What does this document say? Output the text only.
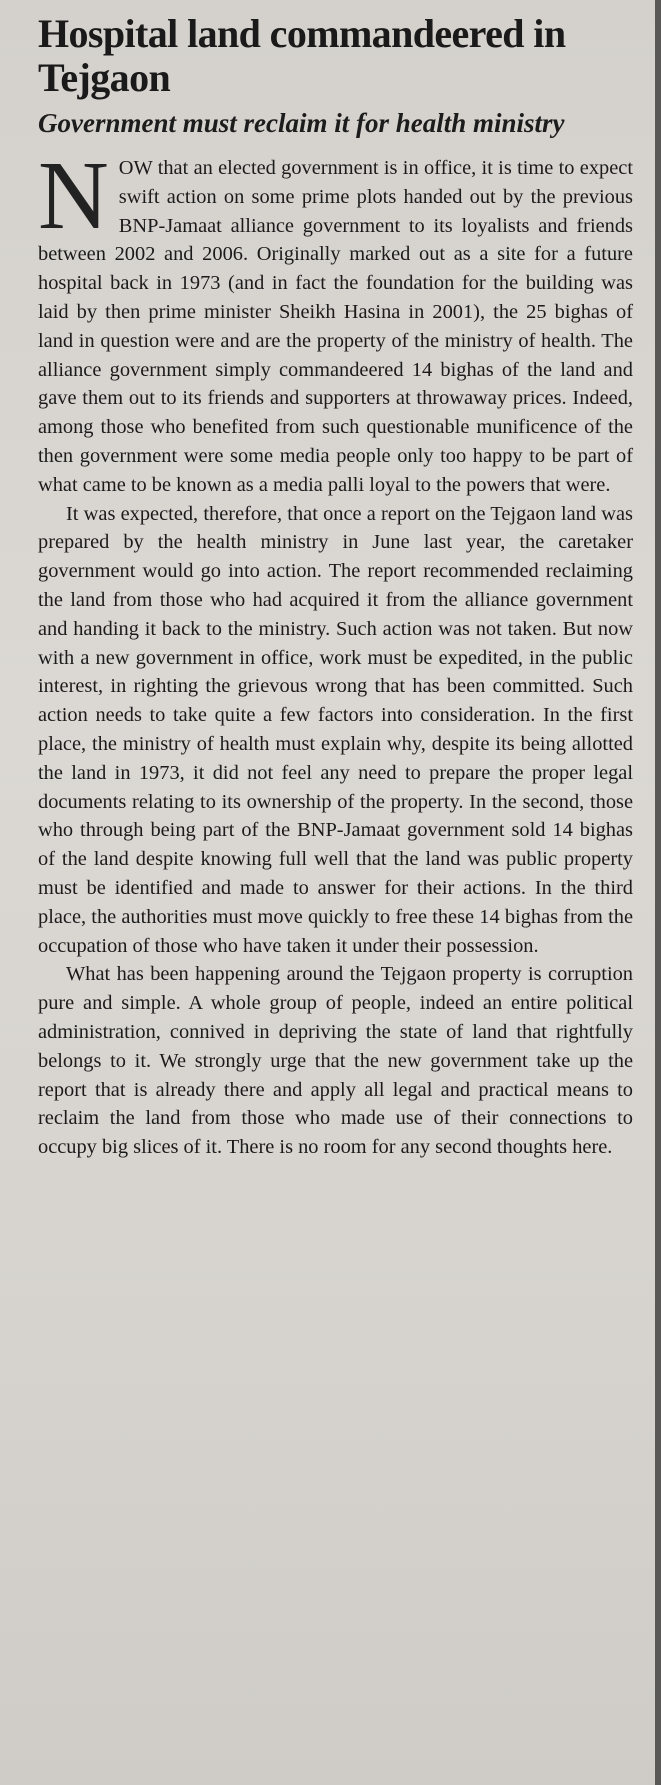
Hospital land commandeered in Tejgaon
Government must reclaim it for health ministry

NOW that an elected government is in office, it is time to expect swift action on some prime plots handed out by the previous BNP-Jamaat alliance government to its loyalists and friends between 2002 and 2006. Originally marked out as a site for a future hospital back in 1973 (and in fact the foundation for the building was laid by then prime minister Sheikh Hasina in 2001), the 25 bighas of land in question were and are the property of the ministry of health. The alliance government simply commandeered 14 bighas of the land and gave them out to its friends and supporters at throwaway prices. Indeed, among those who benefited from such questionable munificence of the then government were some media people only too happy to be part of what came to be known as a media palli loyal to the powers that were.

It was expected, therefore, that once a report on the Tejgaon land was prepared by the health ministry in June last year, the caretaker government would go into action. The report recommended reclaiming the land from those who had acquired it from the alliance government and handing it back to the ministry. Such action was not taken. But now with a new government in office, work must be expedited, in the public interest, in righting the grievous wrong that has been committed. Such action needs to take quite a few factors into consideration. In the first place, the ministry of health must explain why, despite its being allotted the land in 1973, it did not feel any need to prepare the proper legal documents relating to its ownership of the property. In the second, those who through being part of the BNP-Jamaat government sold 14 bighas of the land despite knowing full well that the land was public property must be identified and made to answer for their actions. In the third place, the authorities must move quickly to free these 14 bighas from the occupation of those who have taken it under their possession.

What has been happening around the Tejgaon property is corruption pure and simple. A whole group of people, indeed an entire political administration, connived in depriving the state of land that rightfully belongs to it. We strongly urge that the new government take up the report that is already there and apply all legal and practical means to reclaim the land from those who made use of their connections to occupy big slices of it. There is no room for any second thoughts here.
